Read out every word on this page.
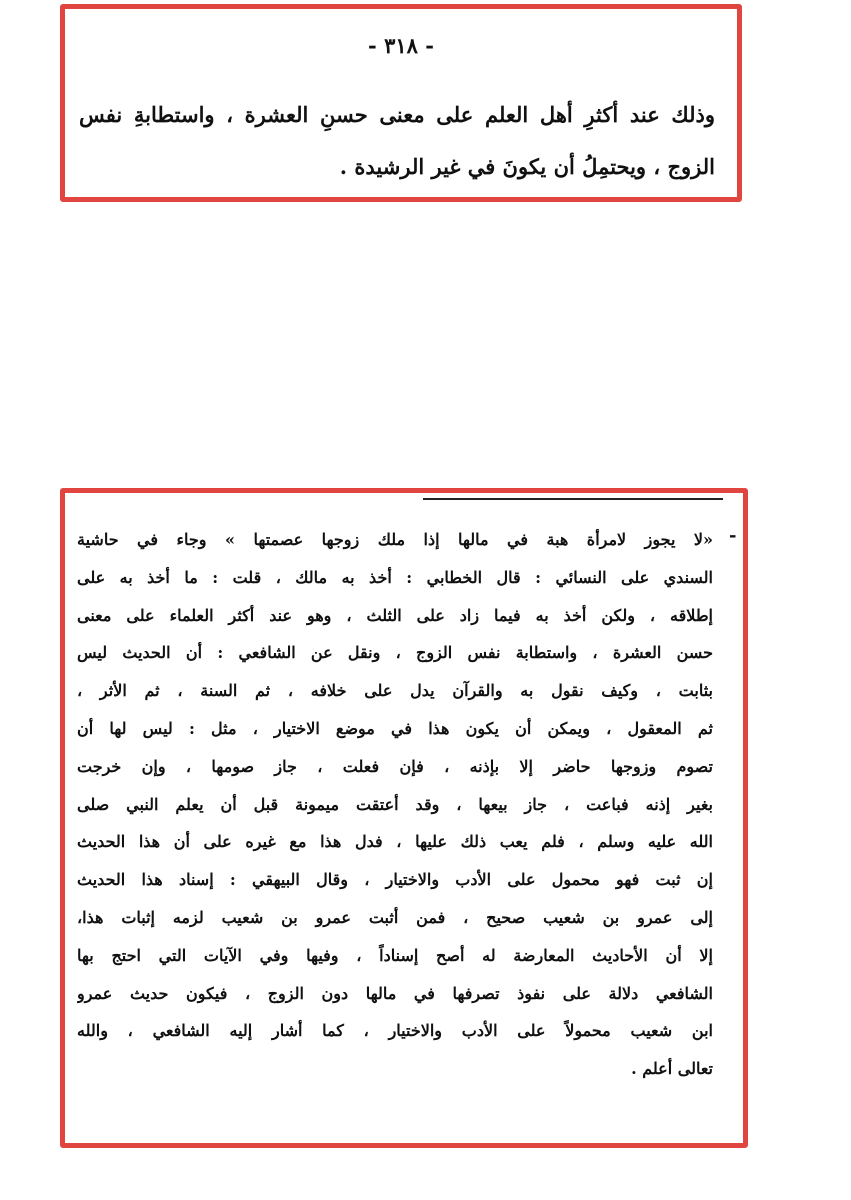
- ٣١٨ -
وذلك عند أكثرِ أهل العلم على معنى حسنِ العشرة ، واستطابةِ نفس
الزوج ، ويحتمِلُ أن يكونَ في غير الرشيدة .
-
«لا يجوز لامرأة هبة في مالها إذا ملك زوجها عصمتها » وجاء في حاشية
السندي على النسائي : قال الخطابي : أخذ به مالك ، قلت : ما أخذ به على
إطلاقه ، ولكن أخذ به فيما زاد على الثلث ، وهو عند أكثر العلماء على معنى
حسن العشرة ، واستطابة نفس الزوج ، ونقل عن الشافعي : أن الحديث ليس
بثابت ، وكيف نقول به والقرآن يدل على خلافه ، ثم السنة ، ثم الأثر ،
ثم المعقول ، ويمكن أن يكون هذا في موضع الاختيار ، مثل : ليس لها أن
تصوم وزوجها حاضر إلا بإذنه ، فإن فعلت ، جاز صومها ، وإن خرجت
بغير إذنه فباعت ، جاز بيعها ، وقد أعتقت ميمونة قبل أن يعلم النبي صلى
الله عليه وسلم ، فلم يعب ذلك عليها ، فدل هذا مع غيره على أن هذا الحديث
إن ثبت فهو محمول على الأدب والاختيار ، وقال البيهقي : إسناد هذا الحديث
إلى عمرو بن شعيب صحيح ، فمن أثبت عمرو بن شعيب لزمه إثبات هذا،
إلا أن الأحاديث المعارضة له أصح إسناداً ، وفيها وفي الآيات التي احتج بها
الشافعي دلالة على نفوذ تصرفها في مالها دون الزوج ، فيكون حديث عمرو
ابن شعيب محمولاً على الأدب والاختيار ، كما أشار إليه الشافعي ، والله
تعالى أعلم .
